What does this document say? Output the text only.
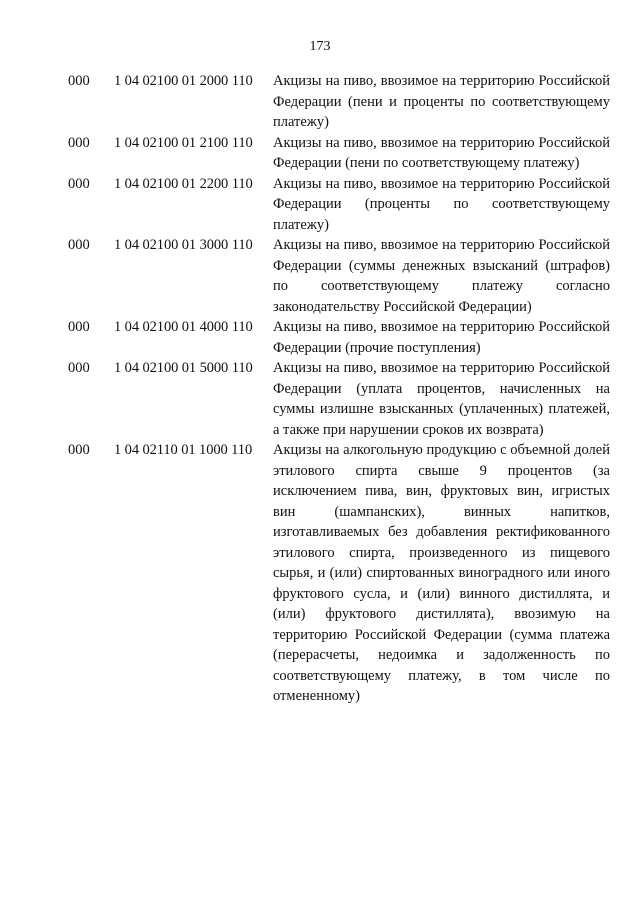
173
000 1 04 02100 01 2000 110 Акцизы на пиво, ввозимое на территорию Российской Федерации (пени и проценты по соответствующему платежу)
000 1 04 02100 01 2100 110 Акцизы на пиво, ввозимое на территорию Российской Федерации (пени по соответствующему платежу)
000 1 04 02100 01 2200 110 Акцизы на пиво, ввозимое на территорию Российской Федерации (проценты по соответствующему платежу)
000 1 04 02100 01 3000 110 Акцизы на пиво, ввозимое на территорию Российской Федерации (суммы денежных взысканий (штрафов) по соответствующему платежу согласно законодательству Российской Федерации)
000 1 04 02100 01 4000 110 Акцизы на пиво, ввозимое на территорию Российской Федерации (прочие поступления)
000 1 04 02100 01 5000 110 Акцизы на пиво, ввозимое на территорию Российской Федерации (уплата процентов, начисленных на суммы излишне взысканных (уплаченных) платежей, а также при нарушении сроков их возврата)
000 1 04 02110 01 1000 110 Акцизы на алкогольную продукцию с объемной долей этилового спирта свыше 9 процентов (за исключением пива, вин, фруктовых вин, игристых вин (шампанских), винных напитков, изготавливаемых без добавления ректификованного этилового спирта, произведенного из пищевого сырья, и (или) спиртованных виноградного или иного фруктового сусла, и (или) винного дистиллята, и (или) фруктового дистиллята), ввозимую на территорию Российской Федерации (сумма платежа (перерасчеты, недоимка и задолженность по соответствующему платежу, в том числе по отмененному)
